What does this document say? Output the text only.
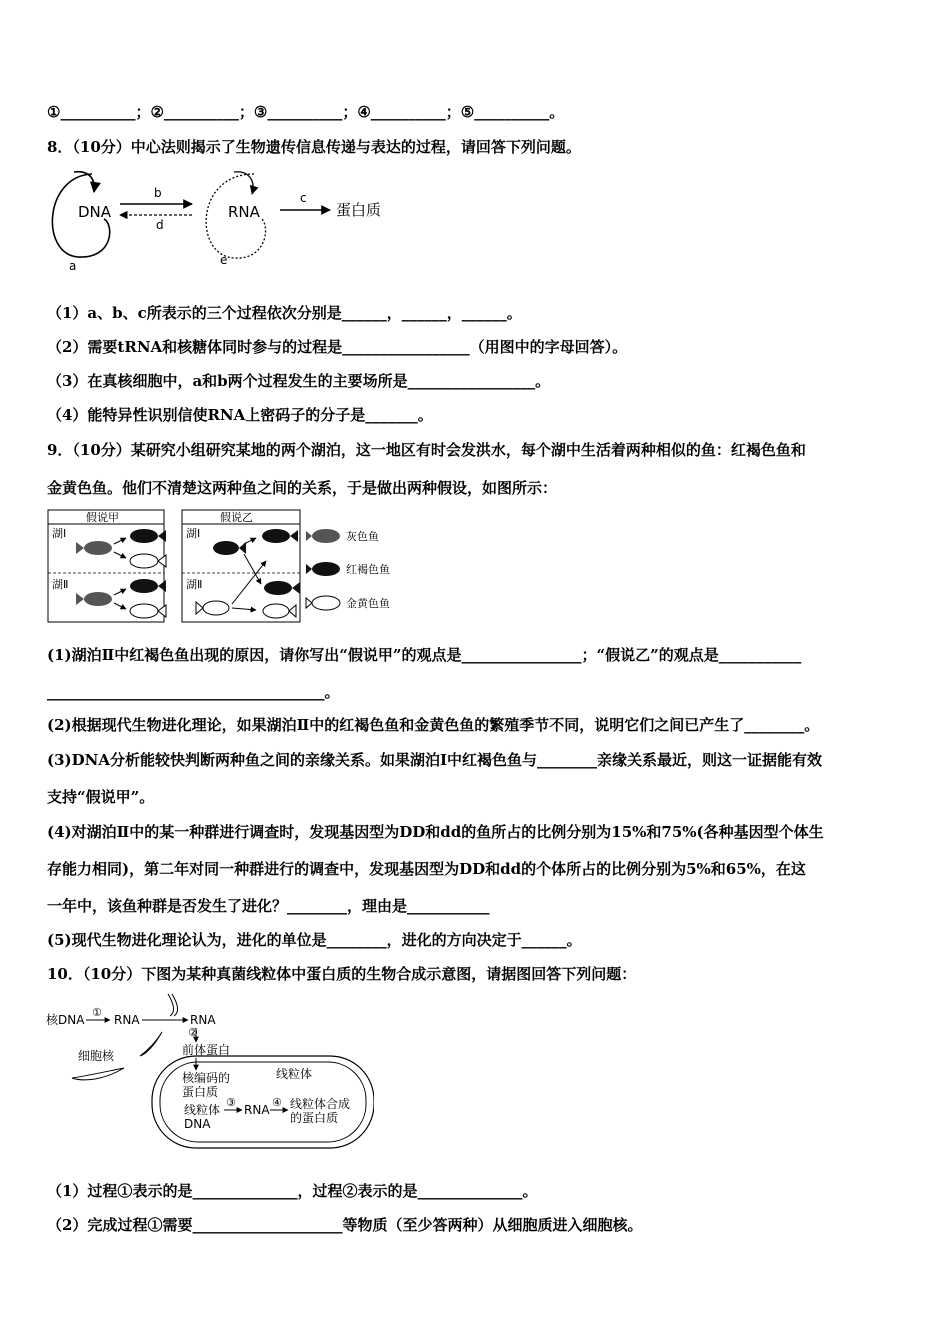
①__________；②__________；③__________；④__________；⑤__________。
8．（10分）中心法则揭示了生物遗传信息传递与表达的过程，请回答下列问题。
DNA
a
b
d
RNA
e
c
蛋白质
（1）a、b、c所表示的三个过程依次分别是______，______，______。
（2）需要tRNA和核糖体同时参与的过程是_________________（用图中的字母回答）。
（3）在真核细胞中，a和b两个过程发生的主要场所是_________________。
（4）能特异性识别信使RNA上密码子的分子是_______。
9．（10分）某研究小组研究某地的两个湖泊，这一地区有时会发洪水，每个湖中生活着两种相似的鱼：红褐色鱼和
金黄色鱼。他们不清楚这两种鱼之间的关系，于是做出两种假设，如图所示：
假说甲
湖Ⅰ
湖Ⅱ
假说乙
湖Ⅰ
湖Ⅱ
灰色鱼
红褐色鱼
金黄色鱼
(1)湖泊Ⅱ中红褐色鱼出现的原因，请你写出“假说甲”的观点是________________；“假说乙”的观点是___________
_____________________________________。
(2)根据现代生物进化理论，如果湖泊Ⅱ中的红褐色鱼和金黄色鱼的繁殖季节不同，说明它们之间已产生了________。
(3)DNA分析能较快判断两种鱼之间的亲缘关系。如果湖泊Ⅰ中红褐色鱼与________亲缘关系最近，则这一证据能有效
支持“假说甲”。
(4)对湖泊Ⅱ中的某一种群进行调查时，发现基因型为DD和dd的鱼所占的比例分别为15%和75%(各种基因型个体生
存能力相同)，第二年对同一种群进行的调查中，发现基因型为DD和dd的个体所占的比例分别为5%和65%，在这
一年中，该鱼种群是否发生了进化？________，理由是___________
(5)现代生物进化理论认为，进化的单位是________，进化的方向决定于______。
10．（10分）下图为某种真菌线粒体中蛋白质的生物合成示意图，请据图回答下列问题：
核DNA
①
RNA	RNA
细胞核
②
前体蛋白
核编码的
蛋白质
线粒体
线粒体
DNA
③
RNA
④ 线粒体合成
的蛋白质
（1）过程①表示的是______________，过程②表示的是______________。
（2）完成过程①需要____________________等物质（至少答两种）从细胞质进入细胞核。
